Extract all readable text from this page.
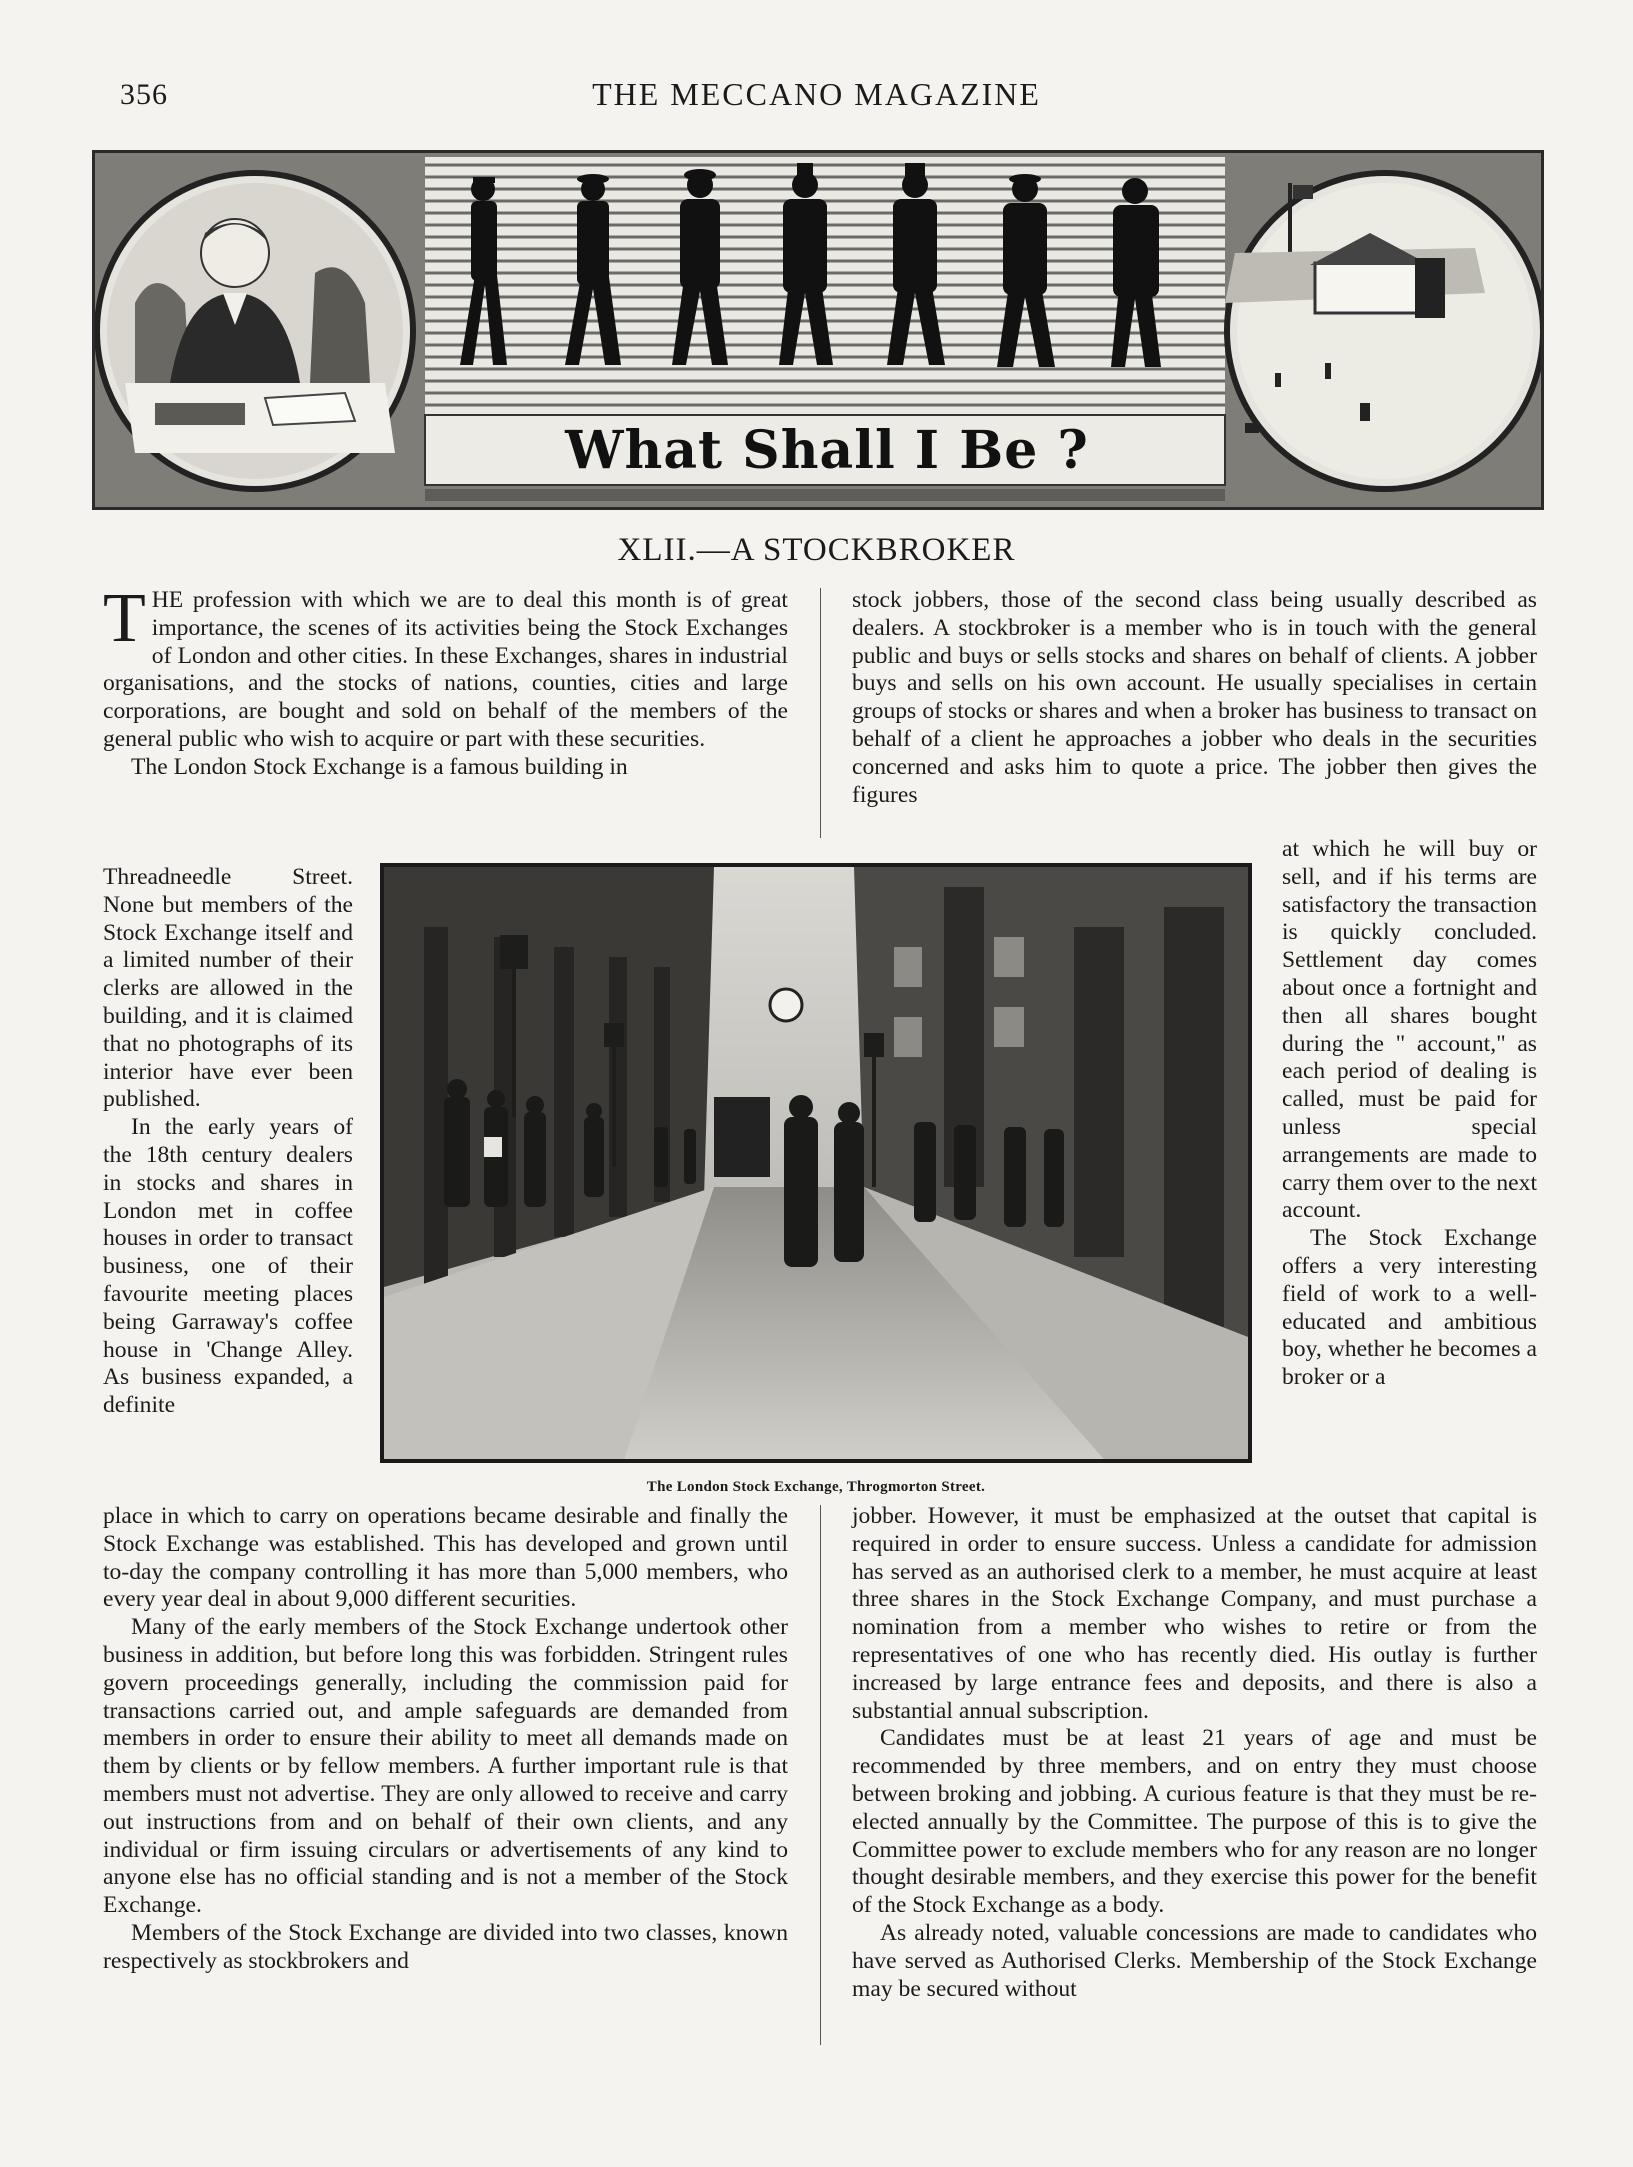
356	THE MECCANO MAGAZINE
What Shall I Be ?
XLII.—A STOCKBROKER

THE profession with which we are to deal this month is of great importance, the scenes of its activities being the Stock Exchanges of London and other cities. In these Exchanges, shares in industrial organisations, and the stocks of nations, counties, cities and large corporations, are bought and sold on behalf of the members of the general public who wish to acquire or part with these securities.

The London Stock Exchange is a famous building in

Threadneedle Street. None but members of the Stock Exchange itself and a limited number of their clerks are allowed in the building, and it is claimed that no photographs of its interior have ever been published.

In the early years of the 18th century dealers in stocks and shares in London met in coffee houses in order to transact business, one of their favourite meeting places being Garraway's coffee house in 'Change Alley. As business expanded, a definite

place in which to carry on operations became desirable and finally the Stock Exchange was established. This has developed and grown until to-day the company controlling it has more than 5,000 members, who every year deal in about 9,000 different securities.

Many of the early members of the Stock Exchange undertook other business in addition, but before long this was forbidden. Stringent rules govern proceedings generally, including the commission paid for transactions carried out, and ample safeguards are demanded from members in order to ensure their ability to meet all demands made on them by clients or by fellow members. A further important rule is that members must not advertise. They are only allowed to receive and carry out instructions from and on behalf of their own clients, and any individual or firm issuing circulars or advertisements of any kind to anyone else has no official standing and is not a member of the Stock Exchange.

Members of the Stock Exchange are divided into two classes, known respectively as stockbrokers and

stock jobbers, those of the second class being usually described as dealers. A stockbroker is a member who is in touch with the general public and buys or sells stocks and shares on behalf of clients. A jobber buys and sells on his own account. He usually specialises in certain groups of stocks or shares and when a broker has business to transact on behalf of a client he approaches a jobber who deals in the securities concerned and asks him to quote a price. The jobber then gives the figures

at which he will buy or sell, and if his terms are satisfactory the transaction is quickly concluded. Settlement day comes about once a fortnight and then all shares bought during the " account," as each period of dealing is called, must be paid for unless special arrangements are made to carry them over to the next account.

The Stock Exchange offers a very interesting field of work to a well-educated and ambitious boy, whether he becomes a broker or a

jobber. However, it must be emphasized at the outset that capital is required in order to ensure success. Unless a candidate for admission has served as an authorised clerk to a member, he must acquire at least three shares in the Stock Exchange Company, and must purchase a nomination from a member who wishes to retire or from the representatives of one who has recently died. His outlay is further increased by large entrance fees and deposits, and there is also a substantial annual subscription.

Candidates must be at least 21 years of age and must be recommended by three members, and on entry they must choose between broking and jobbing. A curious feature is that they must be re-elected annually by the Committee. The purpose of this is to give the Committee power to exclude members who for any reason are no longer thought desirable members, and they exercise this power for the benefit of the Stock Exchange as a body.

As already noted, valuable concessions are made to candidates who have served as Authorised Clerks. Membership of the Stock Exchange may be secured without

The London Stock Exchange, Throgmorton Street.
